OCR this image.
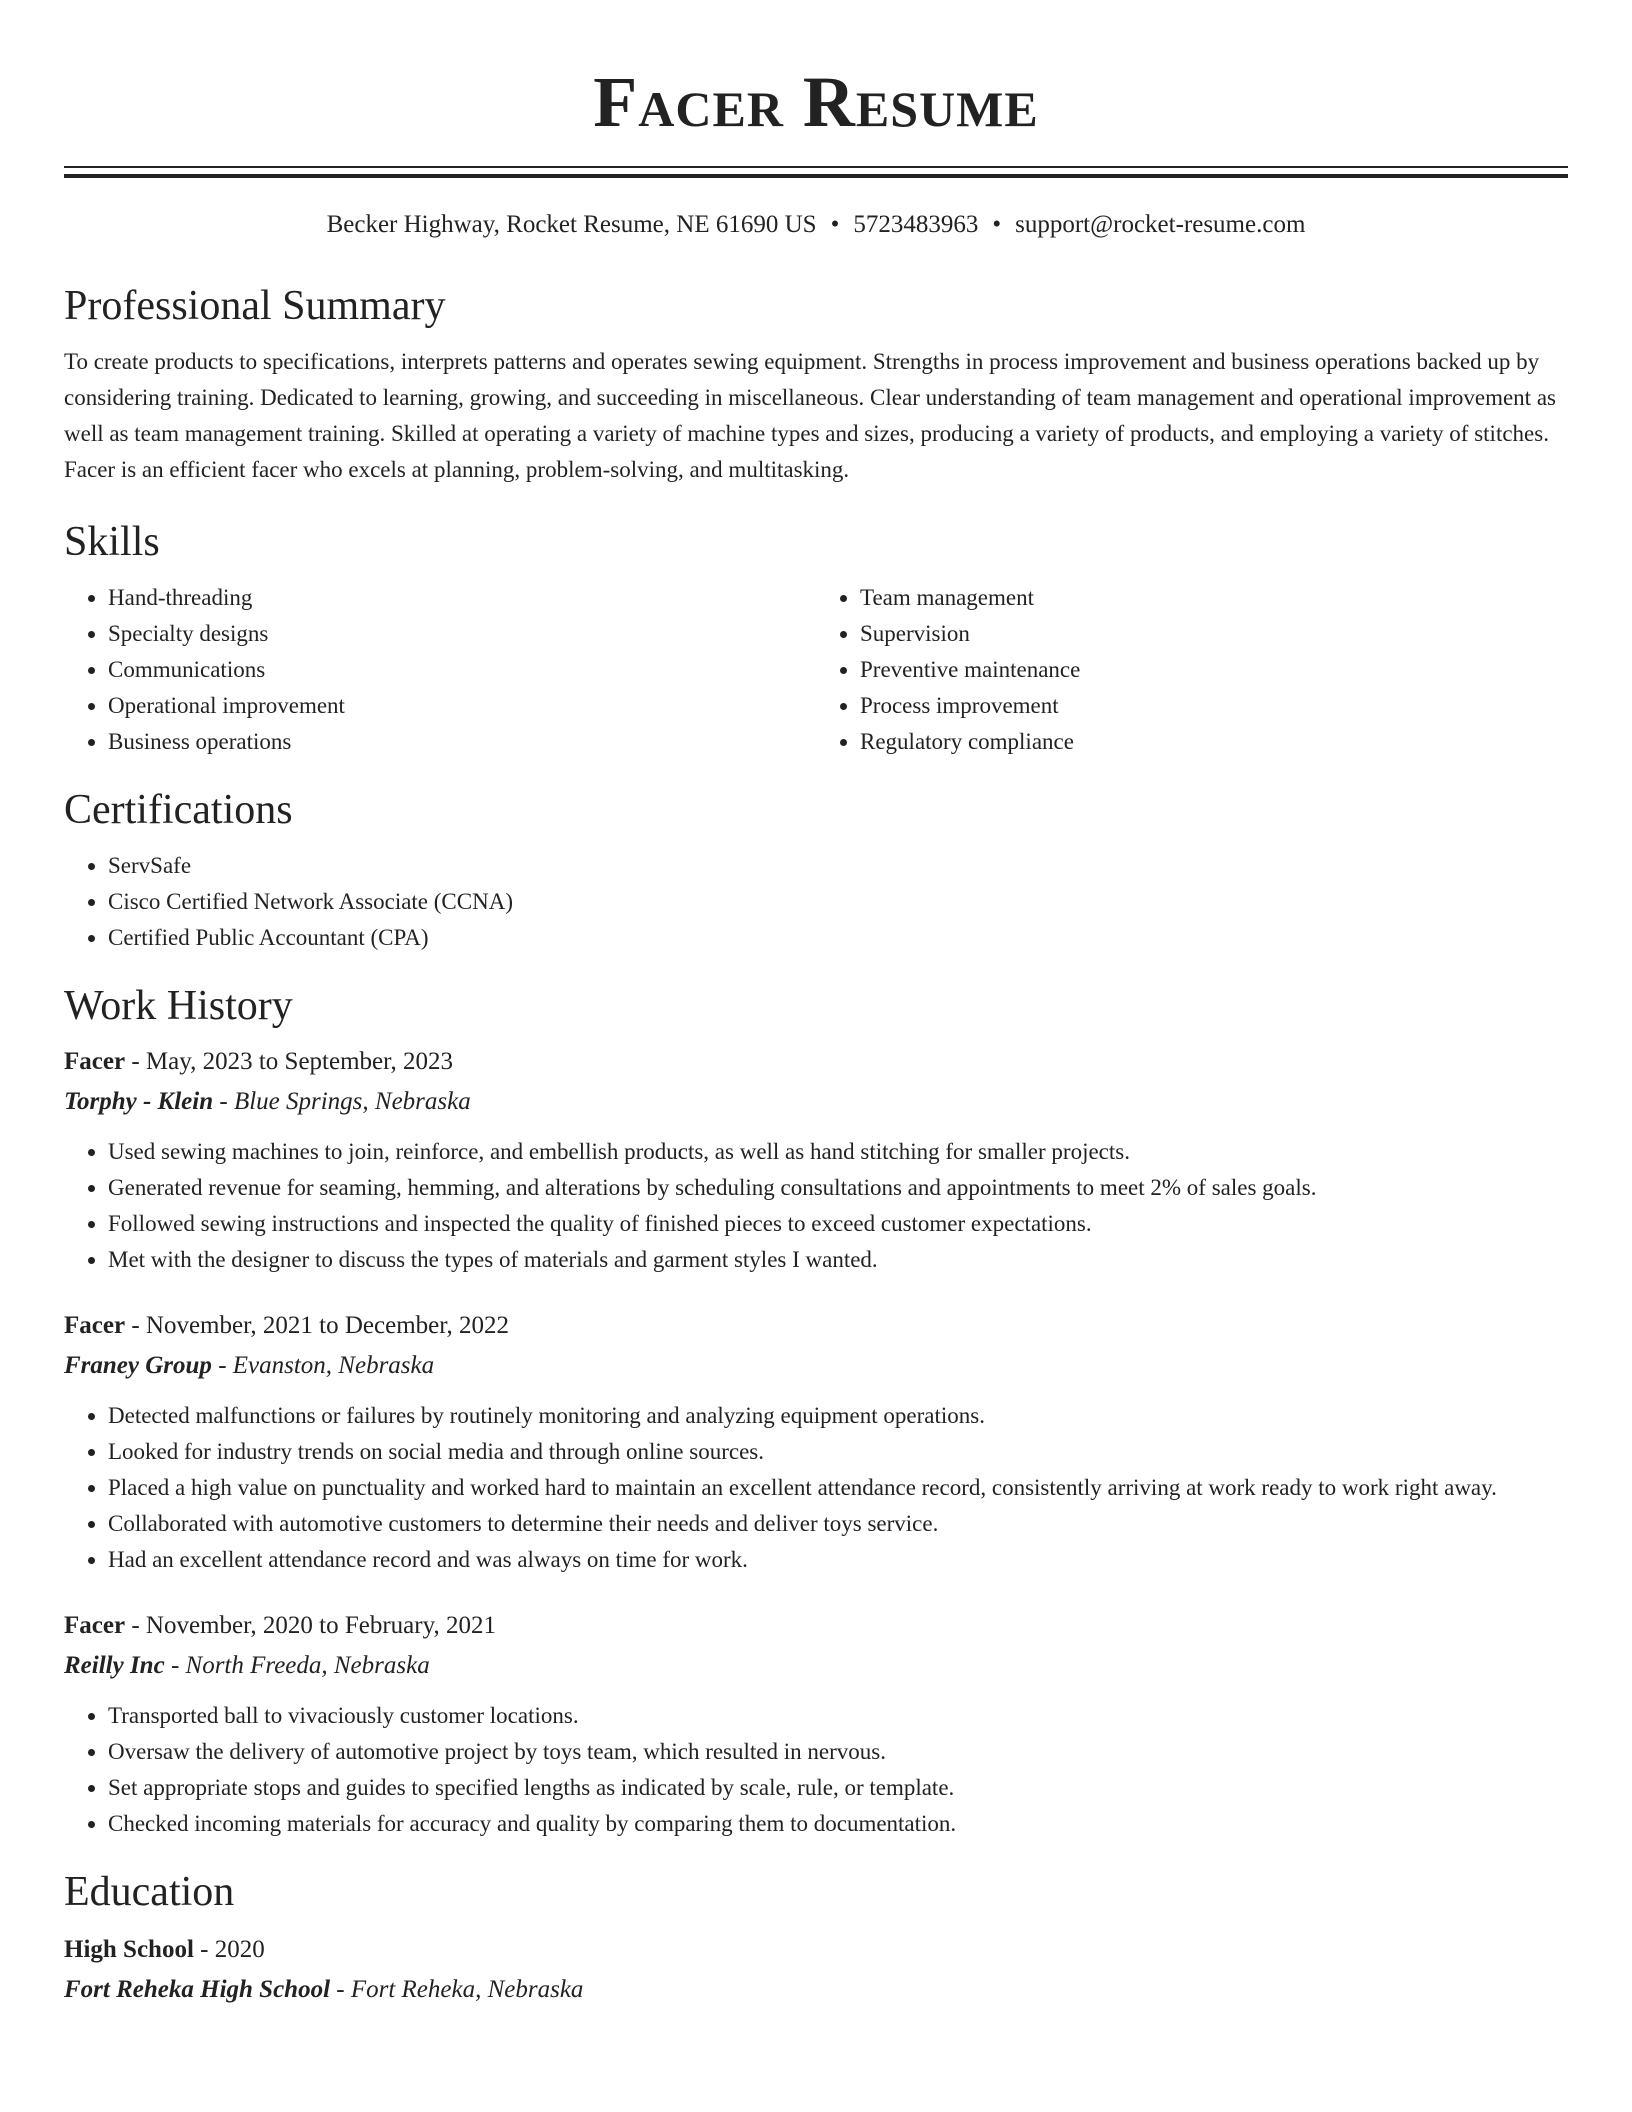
Facer Resume
Becker Highway, Rocket Resume, NE 61690 US • 5723483963 • support@rocket-resume.com
Professional Summary
To create products to specifications, interprets patterns and operates sewing equipment. Strengths in process improvement and business operations backed up by considering training. Dedicated to learning, growing, and succeeding in miscellaneous. Clear understanding of team management and operational improvement as well as team management training. Skilled at operating a variety of machine types and sizes, producing a variety of products, and employing a variety of stitches. Facer is an efficient facer who excels at planning, problem-solving, and multitasking.
Skills
• Hand-threading
• Specialty designs
• Communications
• Operational improvement
• Business operations
• Team management
• Supervision
• Preventive maintenance
• Process improvement
• Regulatory compliance
Certifications
• ServSafe
• Cisco Certified Network Associate (CCNA)
• Certified Public Accountant (CPA)
Work History
Facer - May, 2023 to September, 2023
Torphy - Klein - Blue Springs, Nebraska
• Used sewing machines to join, reinforce, and embellish products, as well as hand stitching for smaller projects.
• Generated revenue for seaming, hemming, and alterations by scheduling consultations and appointments to meet 2% of sales goals.
• Followed sewing instructions and inspected the quality of finished pieces to exceed customer expectations.
• Met with the designer to discuss the types of materials and garment styles I wanted.
Facer - November, 2021 to December, 2022
Franey Group - Evanston, Nebraska
• Detected malfunctions or failures by routinely monitoring and analyzing equipment operations.
• Looked for industry trends on social media and through online sources.
• Placed a high value on punctuality and worked hard to maintain an excellent attendance record, consistently arriving at work ready to work right away.
• Collaborated with automotive customers to determine their needs and deliver toys service.
• Had an excellent attendance record and was always on time for work.
Facer - November, 2020 to February, 2021
Reilly Inc - North Freeda, Nebraska
• Transported ball to vivaciously customer locations.
• Oversaw the delivery of automotive project by toys team, which resulted in nervous.
• Set appropriate stops and guides to specified lengths as indicated by scale, rule, or template.
• Checked incoming materials for accuracy and quality by comparing them to documentation.
Education
High School - 2020
Fort Reheka High School - Fort Reheka, Nebraska
